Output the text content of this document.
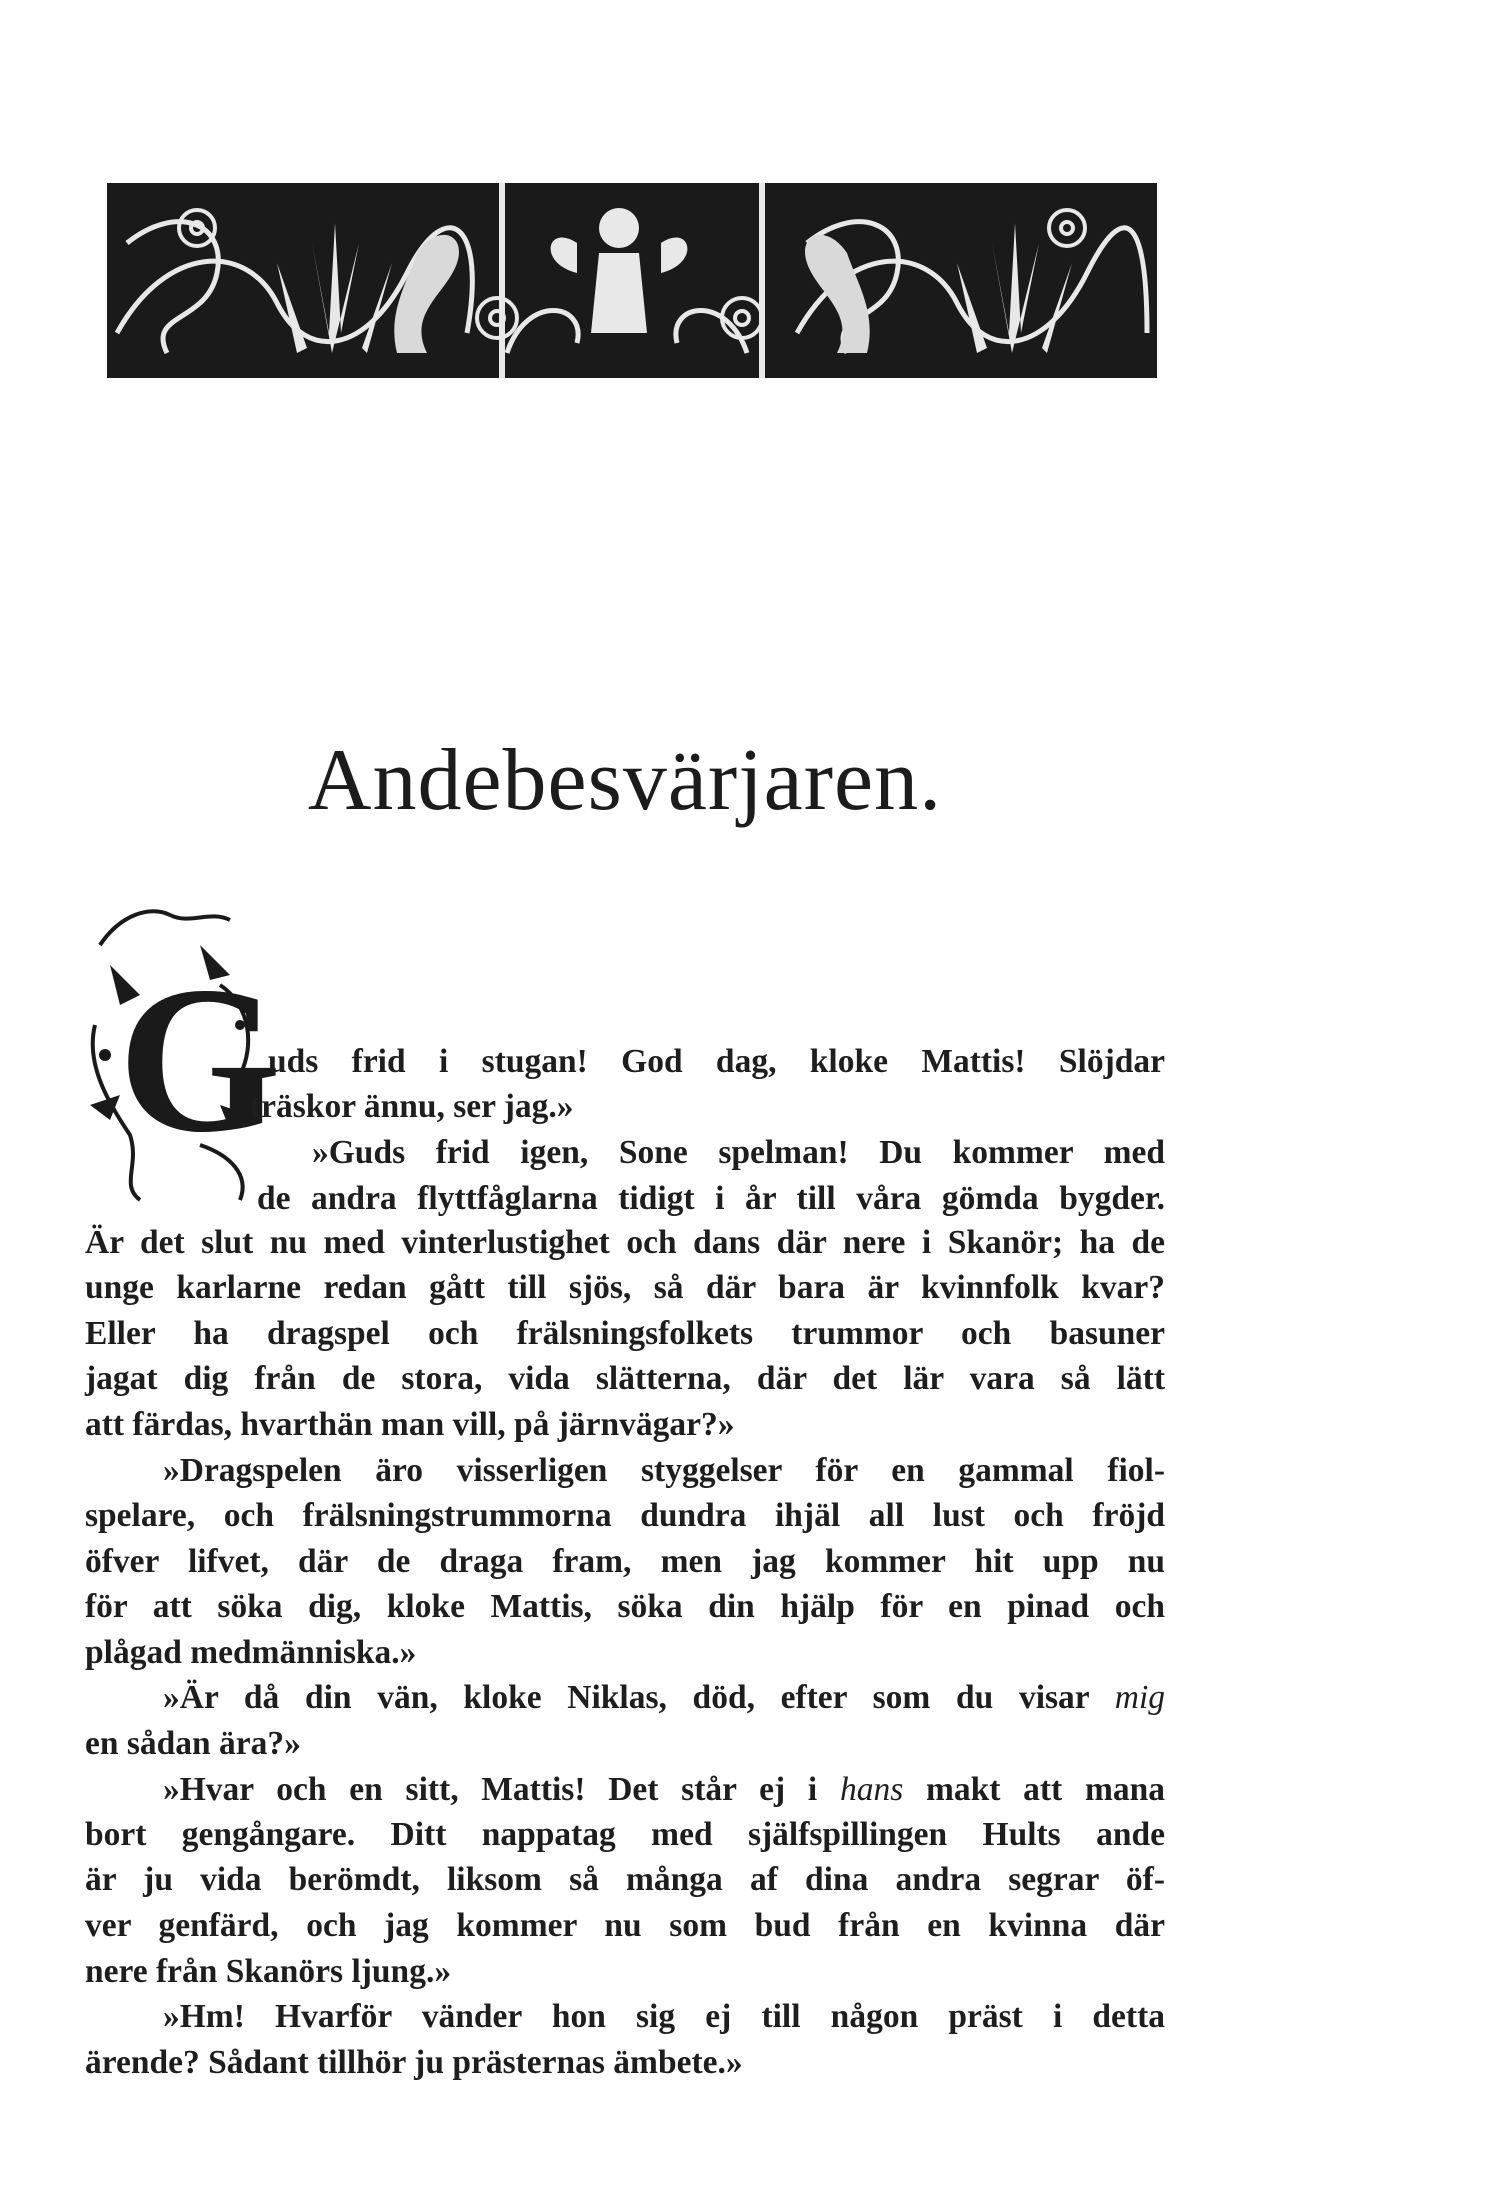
Andebesvärjaren.
G
uds frid i stugan! God dag, kloke Mattis! Slöjdar
träskor ännu, ser jag.»
»Guds frid igen, Sone spelman! Du kommer med
de andra flyttfåglarna tidigt i år till våra gömda bygder.
Är det slut nu med vinterlustighet och dans där nere i Skanör; ha de
unge karlarne redan gått till sjös, så där bara är kvinnfolk kvar?
Eller ha dragspel och frälsningsfolkets trummor och basuner
jagat dig från de stora, vida slätterna, där det lär vara så lätt
att färdas, hvarthän man vill, på järnvägar?»
»Dragspelen äro visserligen styggelser för en gammal fiol-
spelare, och frälsningstrummorna dundra ihjäl all lust och fröjd
öfver lifvet, där de draga fram, men jag kommer hit upp nu
för att söka dig, kloke Mattis, söka din hjälp för en pinad och
plågad medmänniska.»
»Är då din vän, kloke Niklas, död, efter som du visar mig
en sådan ära?»
»Hvar och en sitt, Mattis! Det står ej i hans makt att mana
bort gengångare. Ditt nappatag med själfspillingen Hults ande
är ju vida berömdt, liksom så många af dina andra segrar öf-
ver genfärd, och jag kommer nu som bud från en kvinna där
nere från Skanörs ljung.»
»Hm! Hvarför vänder hon sig ej till någon präst i detta
ärende? Sådant tillhör ju prästernas ämbete.»
